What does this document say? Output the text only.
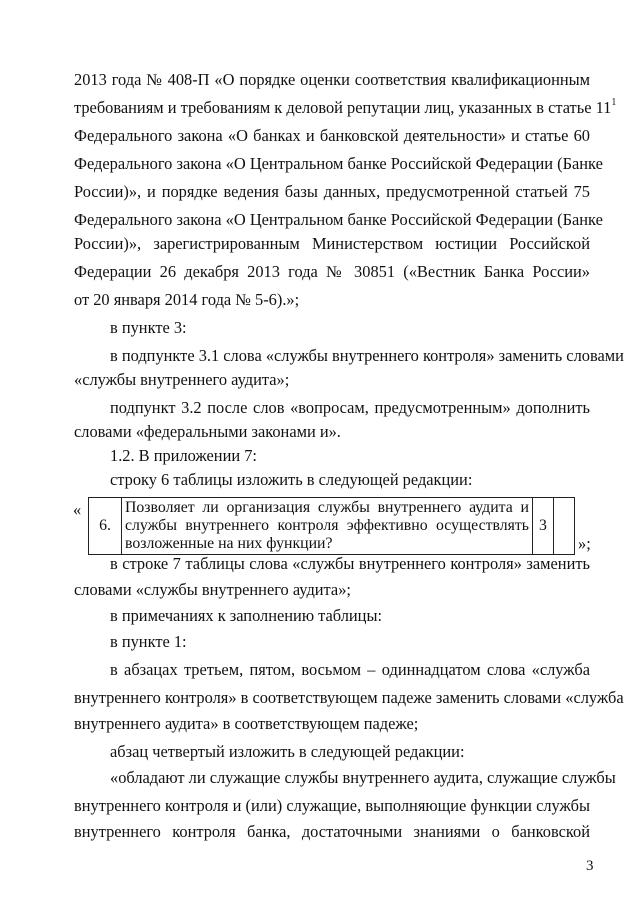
2013 года № 408-П «О порядке оценки соответствия квалификационным
требованиям и требованиям к деловой репутации лиц, указанных в статье $11^1$
Федерального закона «О банках и банковской деятельности» и статье 60
Федерального закона «О Центральном банке Российской Федерации (Банке
России)», и порядке ведения базы данных, предусмотренной статьей 75
Федерального закона «О Центральном банке Российской Федерации (Банке
России)», зарегистрированным Министерством юстиции Российской
Федерации 26 декабря 2013 года № 30851 («Вестник Банка России»
от 20 января 2014 года № 5-6).»;
в пункте 3:
в подпункте 3.1 слова «службы внутреннего контроля» заменить словами
«службы внутреннего аудита»;
подпункт 3.2 после слов «вопросам, предусмотренным» дополнить
словами «федеральными законами и».
1.2. В приложении 7:
строку 6 таблицы изложить в следующей редакции:
«
6.	Позволяет ли организация службы внутреннего аудита и службы внутреннего контроля эффективно осуществлять возложенные на них функции?	3	
»;
в строке 7 таблицы слова «службы внутреннего контроля» заменить
словами «службы внутреннего аудита»;
в примечаниях к заполнению таблицы:
в пункте 1:
в абзацах третьем, пятом, восьмом – одиннадцатом слова «служба
внутреннего контроля» в соответствующем падеже заменить словами «служба
внутреннего аудита» в соответствующем падеже;
абзац четвертый изложить в следующей редакции:
«обладают ли служащие службы внутреннего аудита, служащие службы
внутреннего контроля и (или) служащие, выполняющие функции службы
внутреннего контроля банка, достаточными знаниями о банковской
3
